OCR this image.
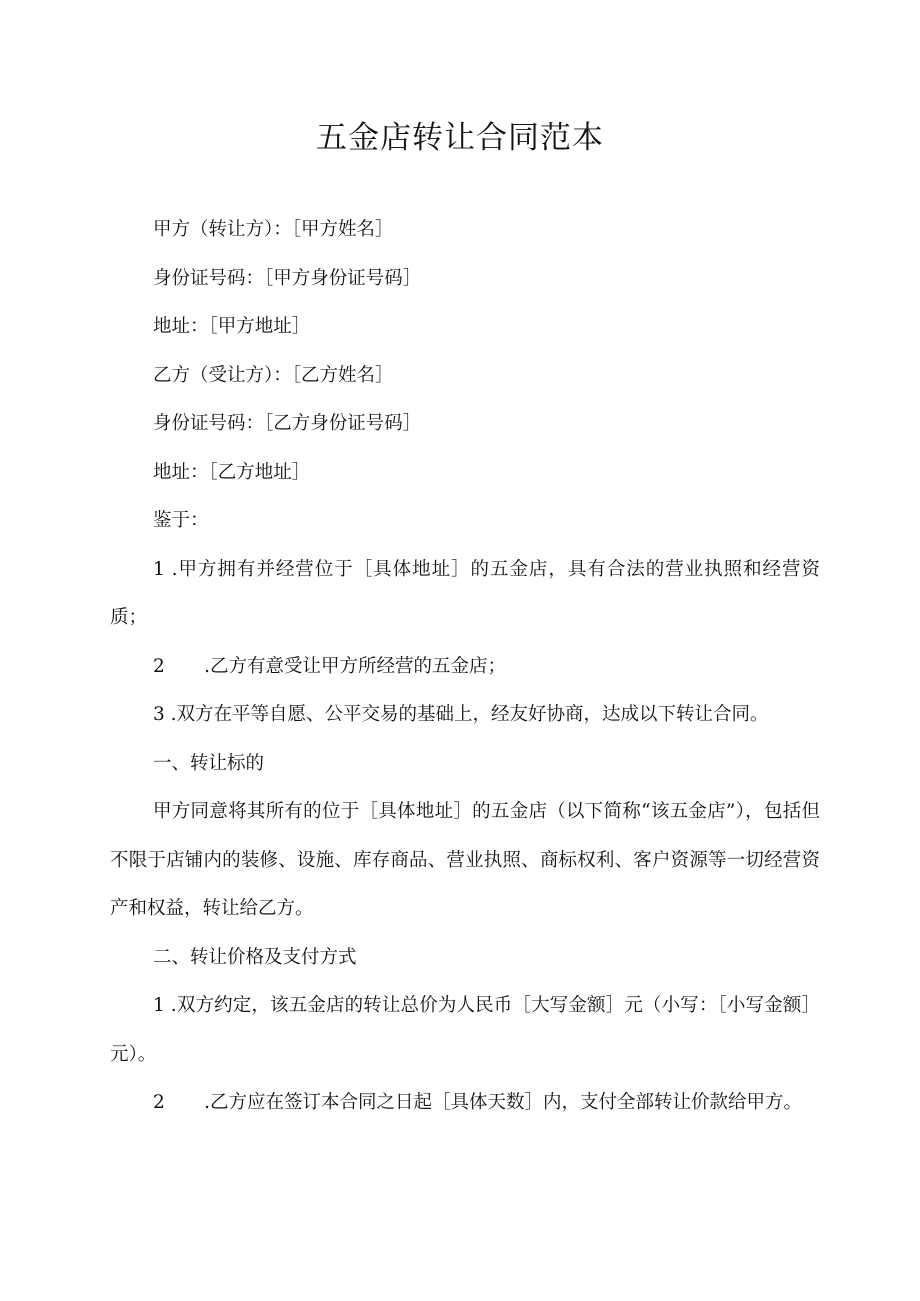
五金店转让合同范本

甲方（转让方）：［甲方姓名］

身份证号码：［甲方身份证号码］

地址：［甲方地址］

乙方（受让方）：［乙方姓名］

身份证号码：［乙方身份证号码］

地址：［乙方地址］

鉴于：

1 .甲方拥有并经营位于［具体地址］的五金店，具有合法的营业执照和经营资质；

2	.乙方有意受让甲方所经营的五金店；

3 .双方在平等自愿、公平交易的基础上，经友好协商，达成以下转让合同。

一、转让标的

甲方同意将其所有的位于［具体地址］的五金店（以下简称“该五金店”），包括但不限于店铺内的装修、设施、库存商品、营业执照、商标权利、客户资源等一切经营资产和权益，转让给乙方。

二、转让价格及支付方式

1 .双方约定，该五金店的转让总价为人民币［大写金额］元（小写：［小写金额］元）。

2	.乙方应在签订本合同之日起［具体天数］内，支付全部转让价款给甲方。
